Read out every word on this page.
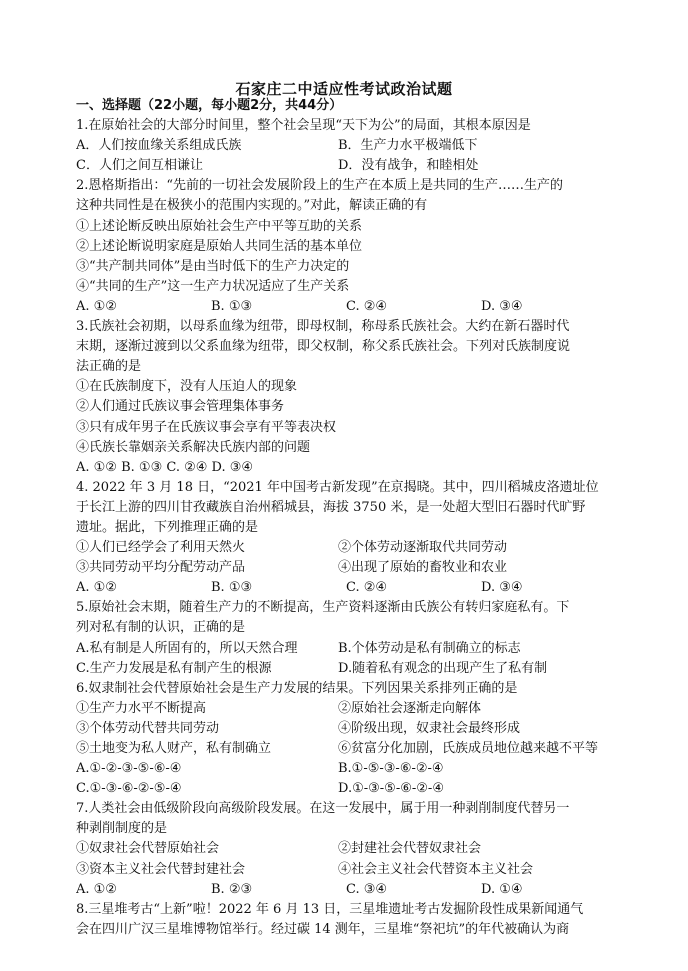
石家庄二中适应性考试政治试题
一、选择题（22小题，每小题2分，共44分）
1.在原始社会的大部分时间里，整个社会呈现“天下为公”的局面，其根本原因是
A．人们按血缘关系组成氏族	B．生产力水平极端低下
C．人们之间互相谦让	D．没有战争，和睦相处
2.恩格斯指出：“先前的一切社会发展阶段上的生产在本质上是共同的生产……生产的
这种共同性是在极狭小的范围内实现的。”对此，解读正确的有
①上述论断反映出原始社会生产中平等互助的关系
②上述论断说明家庭是原始人共同生活的基本单位
③“共产制共同体”是由当时低下的生产力决定的
④“共同的生产”这一生产力状况适应了生产关系
A. ①②	B. ①③	C. ②④	D. ③④
3.氏族社会初期，以母系血缘为纽带，即母权制，称母系氏族社会。大约在新石器时代
末期，逐渐过渡到以父系血缘为纽带，即父权制，称父系氏族社会。下列对氏族制度说
法正确的是
①在氏族制度下，没有人压迫人的现象
②人们通过氏族议事会管理集体事务
③只有成年男子在氏族议事会享有平等表决权
④氏族长靠姻亲关系解决氏族内部的问题
A. ①② B. ①③ C. ②④ D. ③④
4. 2022 年 3 月 18 日，“2021 年中国考古新发现”在京揭晓。其中，四川稻城皮洛遗址位
于长江上游的四川甘孜藏族自治州稻城县，海拔 3750 米，是一处超大型旧石器时代旷野
遗址。据此，下列推理正确的是
①人们已经学会了利用天然火	②个体劳动逐渐取代共同劳动
③共同劳动平均分配劳动产品	④出现了原始的畜牧业和农业
A. ①②	B. ①③	C. ②④	D. ③④
5.原始社会末期，随着生产力的不断提高，生产资料逐渐由氏族公有转归家庭私有。下
列对私有制的认识，正确的是
A.私有制是人所固有的，所以天然合理	B.个体劳动是私有制确立的标志
C.生产力发展是私有制产生的根源	D.随着私有观念的出现产生了私有制
6.奴隶制社会代替原始社会是生产力发展的结果。下列因果关系排列正确的是
①生产力水平不断提高	②原始社会逐渐走向解体
③个体劳动代替共同劳动	④阶级出现，奴隶社会最终形成
⑤土地变为私人财产，私有制确立	⑥贫富分化加剧，氏族成员地位越来越不平等
A.①-②-③-⑤-⑥-④	B.①-⑤-③-⑥-②-④
C.①-③-⑥-②-⑤-④	D.①-③-⑤-⑥-②-④
7.人类社会由低级阶段向高级阶段发展。在这一发展中，属于用一种剥削制度代替另一
种剥削制度的是
①奴隶社会代替原始社会	②封建社会代替奴隶社会
③资本主义社会代替封建社会	④社会主义社会代替资本主义社会
A. ①②	B. ②③	C. ③④	D. ①④
8.三星堆考古“上新”啦！2022 年 6 月 13 日，三星堆遗址考古发掘阶段性成果新闻通气
会在四川广汉三星堆博物馆举行。经过碳 14 测年，三星堆“祭祀坑”的年代被确认为商
